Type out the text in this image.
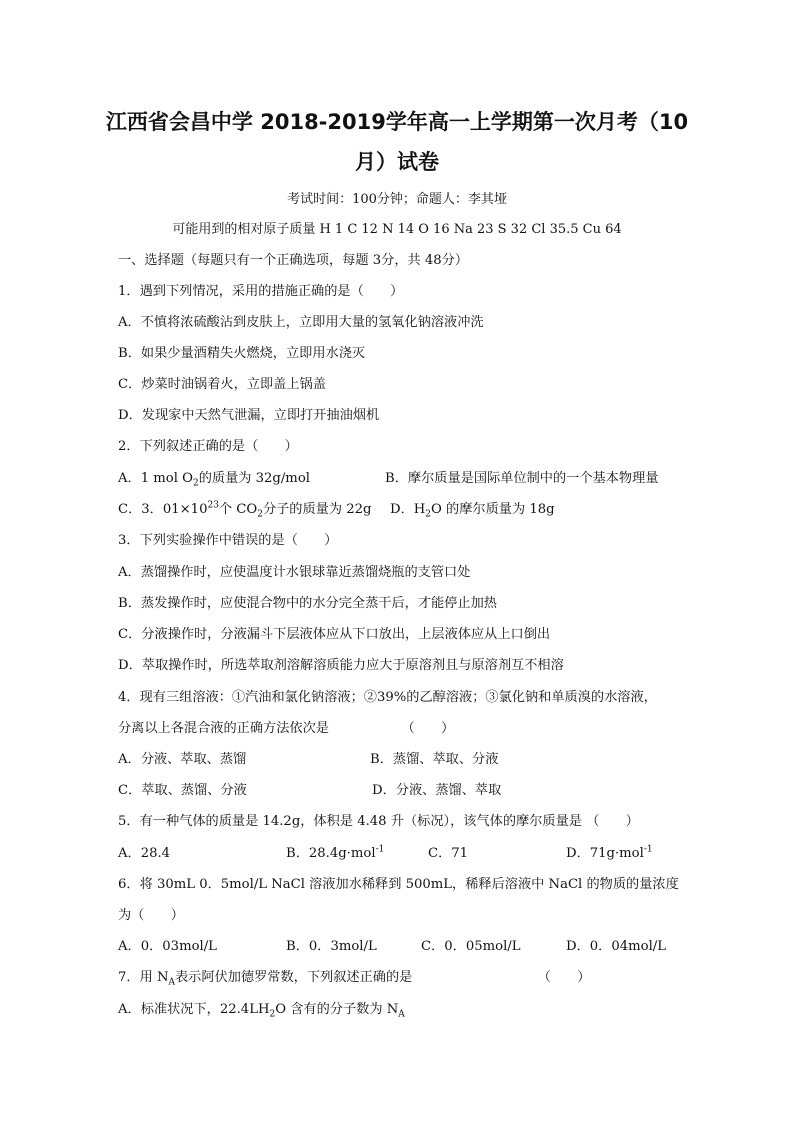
江西省会昌中学 2018-2019学年高一上学期第一次月考（10
月）试卷
考试时间：100分钟；命题人：李其垭
可能用到的相对原子质量 H 1 C 12 N 14 O 16 Na 23 S 32 Cl 35.5 Cu 64
一、选择题（每题只有一个正确选项，每题 3分，共 48分）
1．遇到下列情况，采用的措施正确的是（　　）
A．不慎将浓硫酸沾到皮肤上，立即用大量的氢氧化钠溶液冲洗
B．如果少量酒精失火燃烧，立即用水浇灭
C．炒菜时油锅着火，立即盖上锅盖
D．发现家中天然气泄漏，立即打开抽油烟机
2．下列叙述正确的是（　　）
A．1 mol $O_2$的质量为 32g/mol	B．摩尔质量是国际单位制中的一个基本物理量
C．3．$01\times 10^{23}$个 $CO_2$分子的质量为 22g D．$H_2O$ 的摩尔质量为 18g
3．下列实验操作中错误的是（　　）
A．蒸馏操作时，应使温度计水银球靠近蒸馏烧瓶的支管口处
B．蒸发操作时，应使混合物中的水分完全蒸干后，才能停止加热
C．分液操作时，分液漏斗下层液体应从下口放出，上层液体应从上口倒出
D．萃取操作时，所选萃取剂溶解溶质能力应大于原溶剂且与原溶剂互不相溶
4．现有三组溶液：①汽油和氯化钠溶液；②39%的乙醇溶液；③氯化钠和单质溴的水溶液，
分离以上各混合液的正确方法依次是　　　　　　（　　）
A．分液、萃取、蒸馏	B．蒸馏、萃取、分液
C．萃取、蒸馏、分液	D．分液、蒸馏、萃取
5．有一种气体的质量是 14.2g，体积是 4.48 升（标况），该气体的摩尔质量是 （　　）
A．28.4	B．28.4g·mol$^{-1}$	C．71	D．71g·mol$^{-1}$
6．将 30mL 0．5mol/L NaCl 溶液加水稀释到 500mL，稀释后溶液中 NaCl 的物质的量浓度
为（　　）
A．0．03mol/L	B．0．3mol/L	C．0．05mol/L	D．0．04mol/L
7．用 $N_A$表示阿伏加德罗常数，下列叙述正确的是　　　　　　　　　　（　　）
A．标准状况下，$22.4LH_2O$ 含有的分子数为 $N_A$
